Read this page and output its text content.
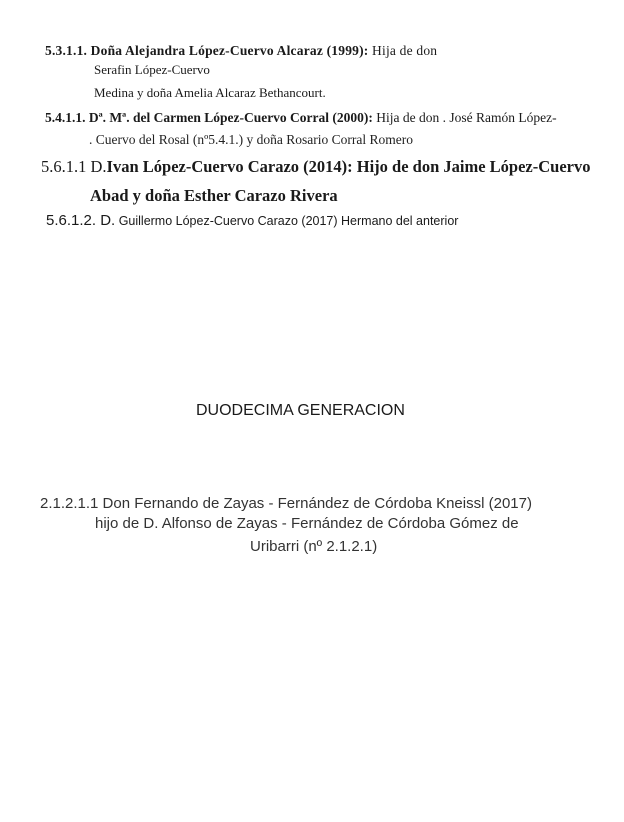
5.3.1.1. Doña Alejandra López-Cuervo Alcaraz (1999): Hija de don
Serafin López-Cuervo
Medina y doña Amelia Alcaraz Bethancourt.
5.4.1.1. Dª. Mª. del Carmen López-Cuervo Corral (2000): Hija de don . José Ramón López-
. Cuervo del Rosal (nº5.4.1.) y doña Rosario Corral Romero
5.6.1.1 D.Ivan López-Cuervo Carazo (2014): Hijo de don Jaime López-Cuervo
Abad y doña Esther Carazo Rivera
5.6.1.2. D. Guillermo López-Cuervo Carazo (2017) Hermano del anterior
DUODECIMA GENERACION
2.1.2.1.1 Don Fernando de Zayas - Fernández de Córdoba Kneissl (2017)
hijo de D. Alfonso de Zayas - Fernández de Córdoba Gómez de
Uribarri (nº 2.1.2.1)
